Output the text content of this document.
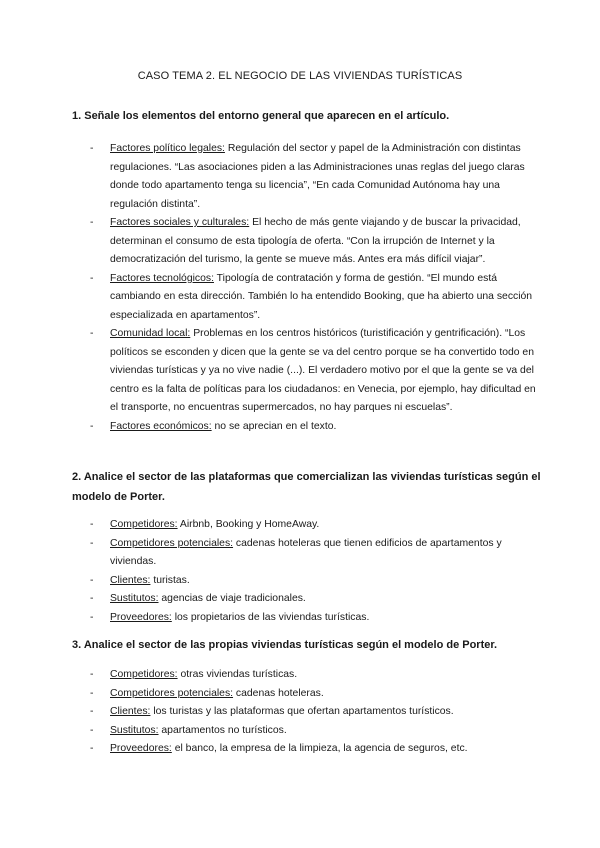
CASO TEMA 2. EL NEGOCIO DE LAS VIVIENDAS TURÍSTICAS
1. Señale los elementos del entorno general que aparecen en el artículo.
- Factores político legales: Regulación del sector y papel de la Administración con distintas regulaciones. “Las asociaciones piden a las Administraciones unas reglas del juego claras donde todo apartamento tenga su licencia”, “En cada Comunidad Autónoma hay una regulación distinta”.
- Factores sociales y culturales: El hecho de más gente viajando y de buscar la privacidad, determinan el consumo de esta tipología de oferta. “Con la irrupción de Internet y la democratización del turismo, la gente se mueve más. Antes era más difícil viajar”.
- Factores tecnológicos: Tipología de contratación y forma de gestión. “El mundo está cambiando en esta dirección. También lo ha entendido Booking, que ha abierto una sección especializada en apartamentos”.
- Comunidad local: Problemas en los centros históricos (turistificación y gentrificación). “Los políticos se esconden y dicen que la gente se va del centro porque se ha convertido todo en viviendas turísticas y ya no vive nadie (...). El verdadero motivo por el que la gente se va del centro es la falta de políticas para los ciudadanos: en Venecia, por ejemplo, hay dificultad en el transporte, no encuentras supermercados, no hay parques ni escuelas”.
- Factores económicos: no se aprecian en el texto.
2. Analice el sector de las plataformas que comercializan las viviendas turísticas según el modelo de Porter.
- Competidores: Airbnb, Booking y HomeAway.
- Competidores potenciales: cadenas hoteleras que tienen edificios de apartamentos y viviendas.
- Clientes: turistas.
- Sustitutos: agencias de viaje tradicionales.
- Proveedores: los propietarios de las viviendas turísticas.
3. Analice el sector de las propias viviendas turísticas según el modelo de Porter.
- Competidores: otras viviendas turísticas.
- Competidores potenciales: cadenas hoteleras.
- Clientes: los turistas y las plataformas que ofertan apartamentos turísticos.
- Sustitutos: apartamentos no turísticos.
- Proveedores: el banco, la empresa de la limpieza, la agencia de seguros, etc.
